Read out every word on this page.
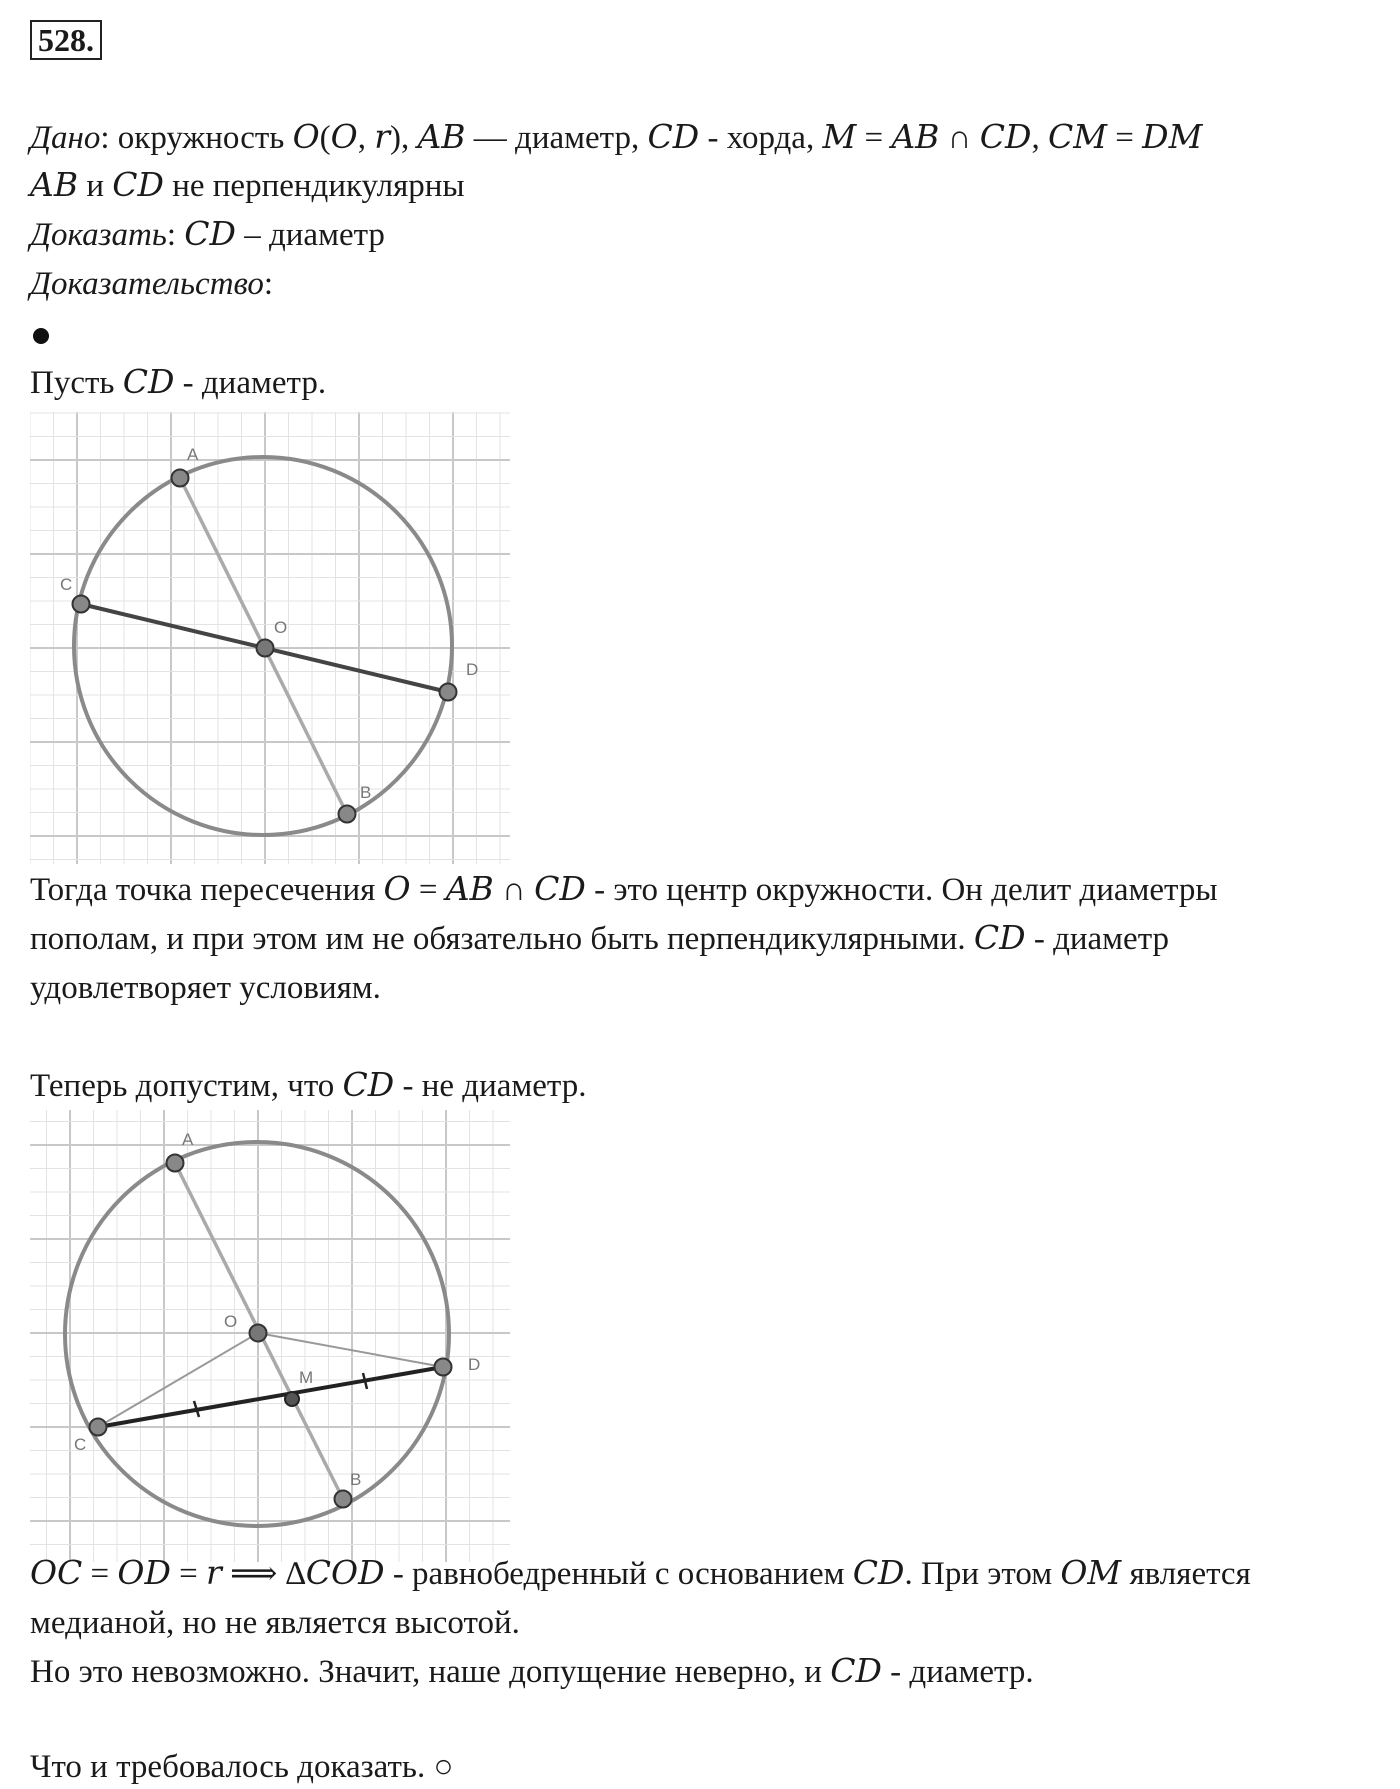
528.
Дано: окружность 𝑂(𝑂, 𝑟), 𝐴𝐵 — диаметр, 𝐶𝐷 - хорда, 𝑀 = 𝐴𝐵 ∩ 𝐶𝐷, 𝐶𝑀 = 𝐷𝑀
𝐴𝐵 и 𝐶𝐷 не перпендикулярны
Доказать: 𝐶𝐷 – диаметр
Доказательство:
Пусть 𝐶𝐷 - диаметр.
A
B
C
D
O
Тогда точка пересечения 𝑂 = 𝐴𝐵 ∩ 𝐶𝐷 - это центр окружности. Он делит диаметры
пополам, и при этом им не обязательно быть перпендикулярными. 𝐶𝐷 - диаметр
удовлетворяет условиям.
Теперь допустим, что 𝐶𝐷 - не диаметр.
A
B
C
D
O
M
𝑂𝐶 = 𝑂𝐷 = 𝑟 ⟹ ∆𝐶𝑂𝐷 - равнобедренный с основанием 𝐶𝐷. При этом 𝑂𝑀 является
медианой, но не является высотой.
Но это невозможно. Значит, наше допущение неверно, и 𝐶𝐷 - диаметр.
Что и требовалось доказать. ○
